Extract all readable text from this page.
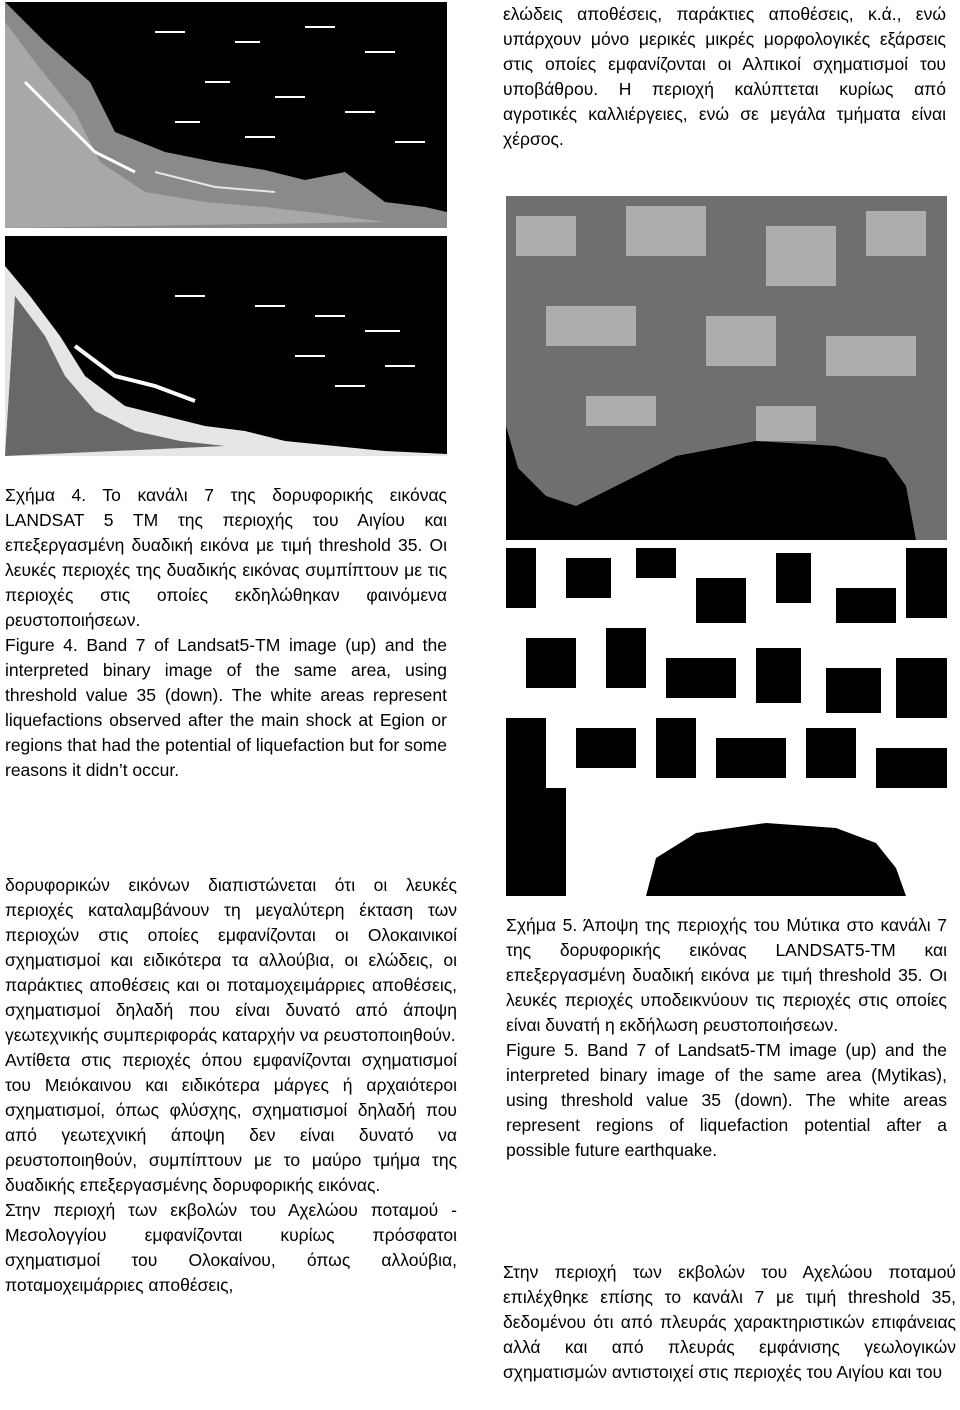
ελώδεις αποθέσεις, παράκτιες αποθέσεις, κ.ά., ενώ υπάρχουν μόνο μερικές μικρές μορφολογικές εξάρσεις στις οποίες εμφανίζονται οι Αλπικοί σχηματισμοί του υποβάθρου. Η περιοχή καλύπτεται κυρίως από αγροτικές καλλιέργειες, ενώ σε μεγάλα τμήματα είναι χέρσος.

Σχήμα 4. Το κανάλι 7 της δορυφορικής εικόνας LANDSAT 5 TM της περιοχής του Αιγίου και επεξεργασμένη δυαδική εικόνα με τιμή threshold 35. Οι λευκές περιοχές της δυαδικής εικόνας συμπίπτουν με τις περιοχές στις οποίες εκδηλώθηκαν φαινόμενα ρευστοποιήσεων.

Figure 4. Band 7 of Landsat5-TM image (up) and the interpreted binary image of the same area, using threshold value 35 (down). The white areas represent liquefactions observed after the main shock at Egion or regions that had the potential of liquefaction but for some reasons it didn’t occur.

δορυφορικών εικόνων διαπιστώνεται ότι οι λευκές περιοχές καταλαμβάνουν τη μεγαλύτερη έκταση των περιοχών στις οποίες εμφανίζονται οι Ολοκαινικοί σχηματισμοί και ειδικότερα τα αλλούβια, οι ελώδεις, οι παράκτιες αποθέσεις και οι ποταμοχειμάρριες αποθέσεις, σχηματισμοί δηλαδή που είναι δυνατό από άποψη γεωτεχνικής συμπεριφοράς καταρχήν να ρευστοποιηθούν.

Αντίθετα στις περιοχές όπου εμφανίζονται σχηματισμοί του Μειόκαινου και ειδικότερα μάργες ή αρχαιότεροι σχηματισμοί, όπως φλύσχης, σχηματισμοί δηλαδή που από γεωτεχνική άποψη δεν είναι δυνατό να ρευστοποιηθούν, συμπίπτουν με το μαύρο τμήμα της δυαδικής επεξεργασμένης δορυφορικής εικόνας.

Στην περιοχή των εκβολών του Αχελώου ποταμού - Μεσολογγίου εμφανίζονται κυρίως πρόσφατοι σχηματισμοί του Ολοκαίνου, όπως αλλούβια, ποταμοχειμάρριες αποθέσεις,

Σχήμα 5. Άποψη της περιοχής του Μύτικα στο κανάλι 7 της δορυφορικής εικόνας LANDSAT5-TM και επεξεργασμένη δυαδική εικόνα με τιμή threshold 35. Οι λευκές περιοχές υποδεικνύουν τις περιοχές στις οποίες είναι δυνατή η εκδήλωση ρευστοποιήσεων.

Figure 5. Band 7 of Landsat5-TM image (up) and the interpreted binary image of the same area (Mytikas), using threshold value 35 (down). The white areas represent regions of liquefaction potential after a possible future earthquake.

Στην περιοχή των εκβολών του Αχελώου ποταμού επιλέχθηκε επίσης το κανάλι 7 με τιμή threshold 35, δεδομένου ότι από πλευράς χαρακτηριστικών επιφάνειας αλλά και από πλευράς εμφάνισης γεωλογικών σχηματισμών αντιστοιχεί στις περιοχές του Αιγίου και του
